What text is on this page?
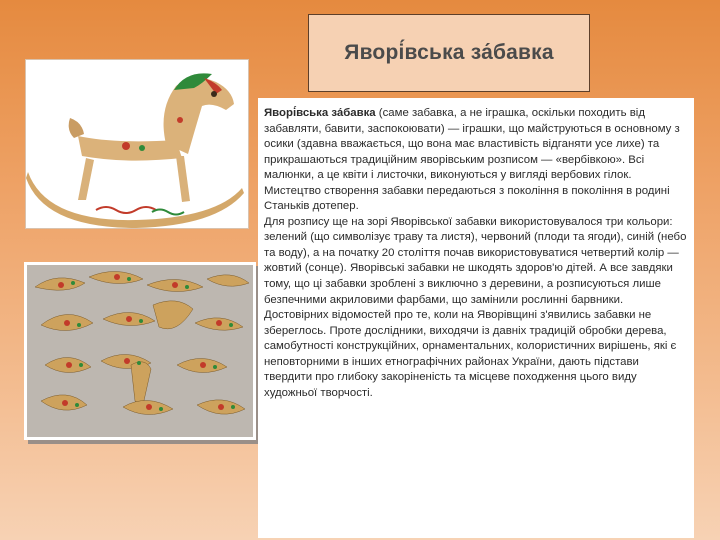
Яворі́вська за́бавка

Яворі́вська за́бавка (саме забавка, а не іграшка, оскільки походить від забавляти, бавити, заспокоювати) — іграшки, що майструються в основному з осики (здавна вважається, що вона має властивість відганяти усе лихе) та прикрашаються традиційним яворівським розписом — «вербівкою». Всі малюнки, а це квіти і листочки, виконуються у вигляді вербових гілок. Мистецтво створення забавки передаються з покоління в покоління в родині Станьків дотепер.

Для розпису ще на зорі Яворівської забавки використовувалося три кольори: зелений (що символізує траву та листя), червоний (плоди та ягоди), синій (небо та воду), а на початку 20 століття почав використовуватися четвертий колір — жовтий (сонце). Яворівські забавки не шкодять здоров'ю дітей. А все завдяки тому, що ці забавки зроблені з виключно з деревини, а розписуються лише безпечними акриловими фарбами, що замінили рослинні барвники.

Достовірних відомостей про те, коли на Яворівщині з'явились забавки не збереглось. Проте дослідники, виходячи із давніх традицій обробки дерева, самобутності конструкційних, орнаментальних, колористичних вирішень, які є неповторними в інших етнографічних районах України, дають підстави твердити про глибоку закоріненість та місцеве походження цього виду художньої творчості.
